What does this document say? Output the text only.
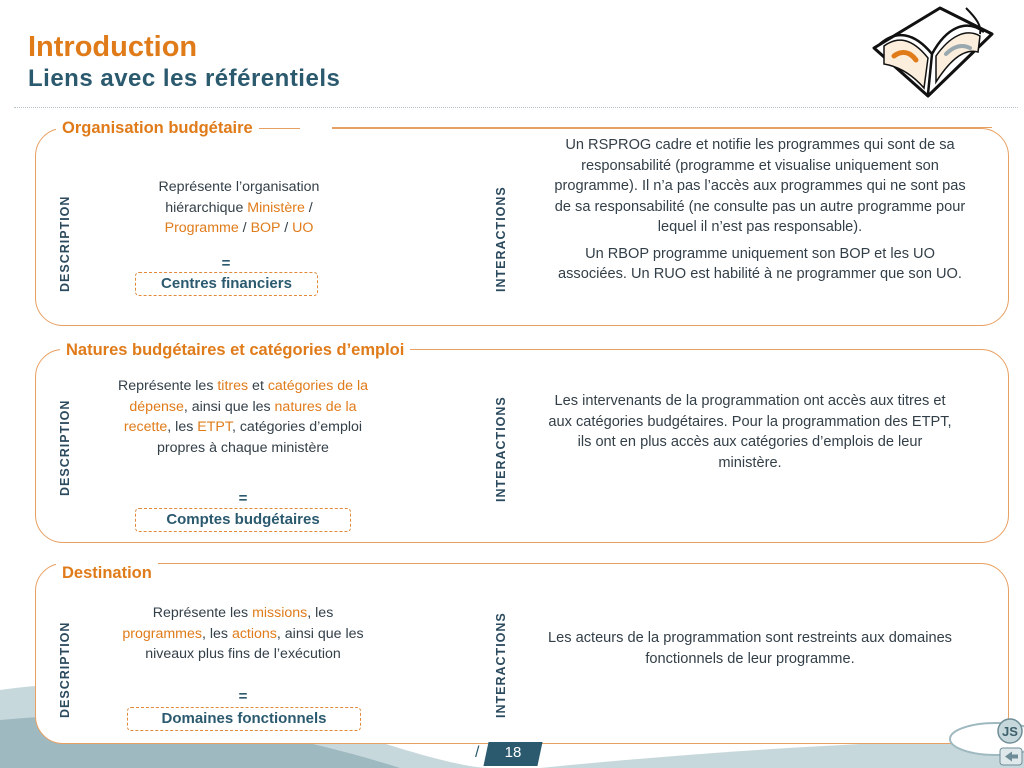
Introduction
Liens avec les référentiels
Organisation budgétaire
DESCRIPTION
Représente l’organisation hiérarchique Ministère / Programme / BOP / UO
=
Centres financiers	INTERACTIONS

Un RSPROG cadre et notifie les programmes qui sont de sa responsabilité (programme et visualise uniquement son programme). Il n’a pas l’accès aux programmes qui ne sont pas de sa responsabilité (ne consulte pas un autre programme pour lequel il n’est pas responsable).

Un RBOP programme uniquement son BOP et les UO associées. Un RUO est habilité à ne programmer que son UO.

Natures budgétaires et catégories d’emploi
DESCRIPTION
Représente les titres et catégories de la dépense, ainsi que les natures de la recette, les ETPT, catégories d’emploi propres à chaque ministère
=
Comptes budgétaires
INTERACTIONS	Les intervenants de la programmation ont accès aux titres et aux catégories budgétaires. Pour la programmation des ETPT, ils ont en plus accès aux catégories d’emplois de leur ministère.

Destination
DESCRIPTION
Représente les missions, les programmes, les actions, ainsi que les niveaux plus fins de l’exécution
=
Domaines fonctionnels
INTERACTIONS	Les acteurs de la programmation sont restreints aux domaines fonctionnels de leur programme.

/	18
JS
